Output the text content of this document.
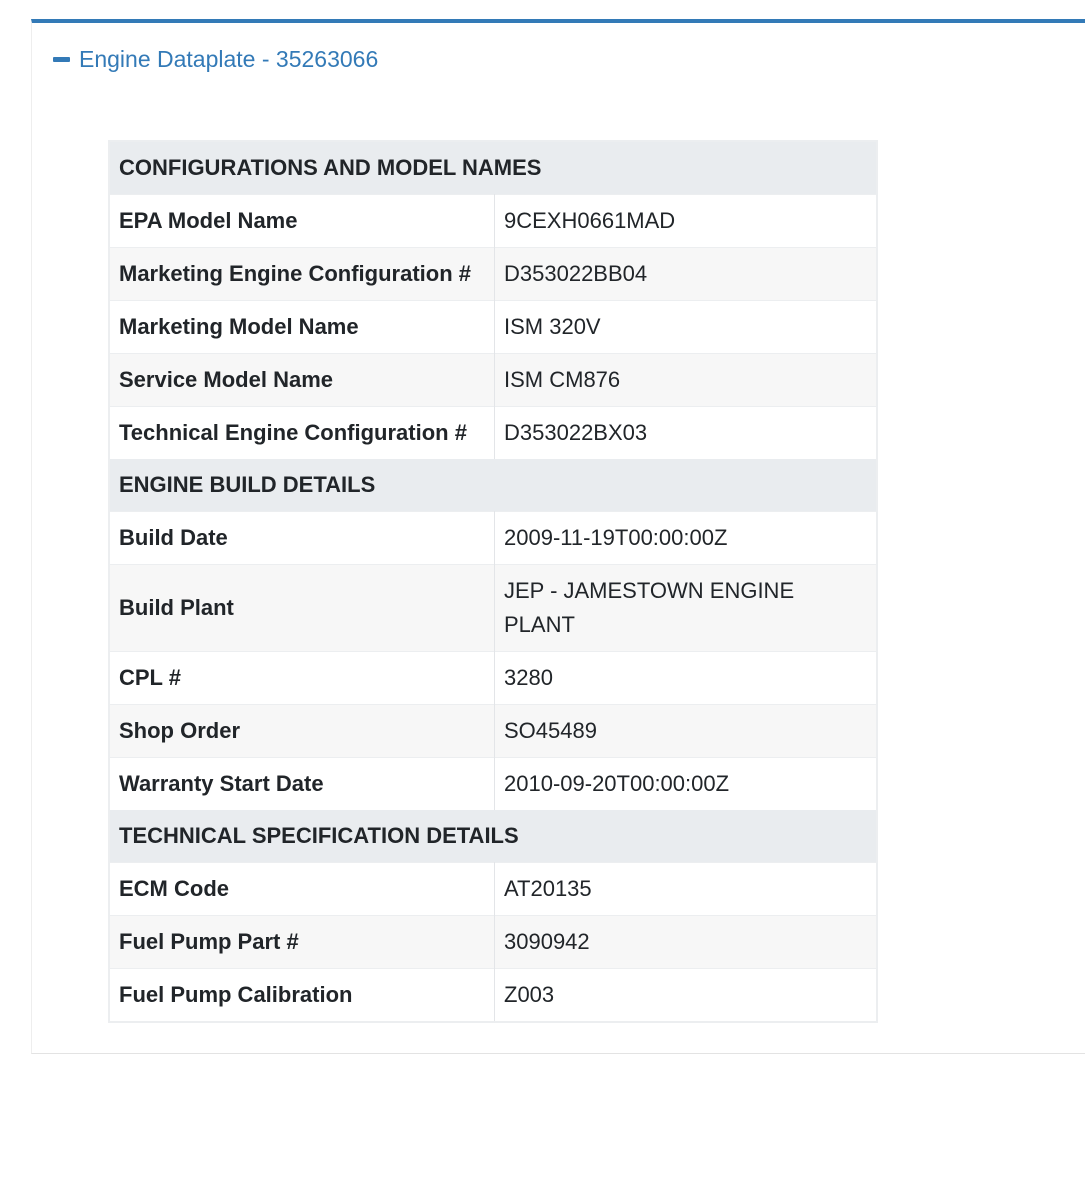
Engine Dataplate - 35263066
CONFIGURATIONS AND MODEL NAMES	
EPA Model Name	9CEXH0661MAD
Marketing Engine Configuration #	D353022BB04
Marketing Model Name	ISM 320V
Service Model Name	ISM CM876
Technical Engine Configuration #	D353022BX03
ENGINE BUILD DETAILS	
Build Date	2009-11-19T00:00:00Z
Build Plant	JEP - JAMESTOWN ENGINE PLANT
CPL #	3280
Shop Order	SO45489
Warranty Start Date	2010-09-20T00:00:00Z
TECHNICAL SPECIFICATION DETAILS	
ECM Code	AT20135
Fuel Pump Part #	3090942
Fuel Pump Calibration	Z003
